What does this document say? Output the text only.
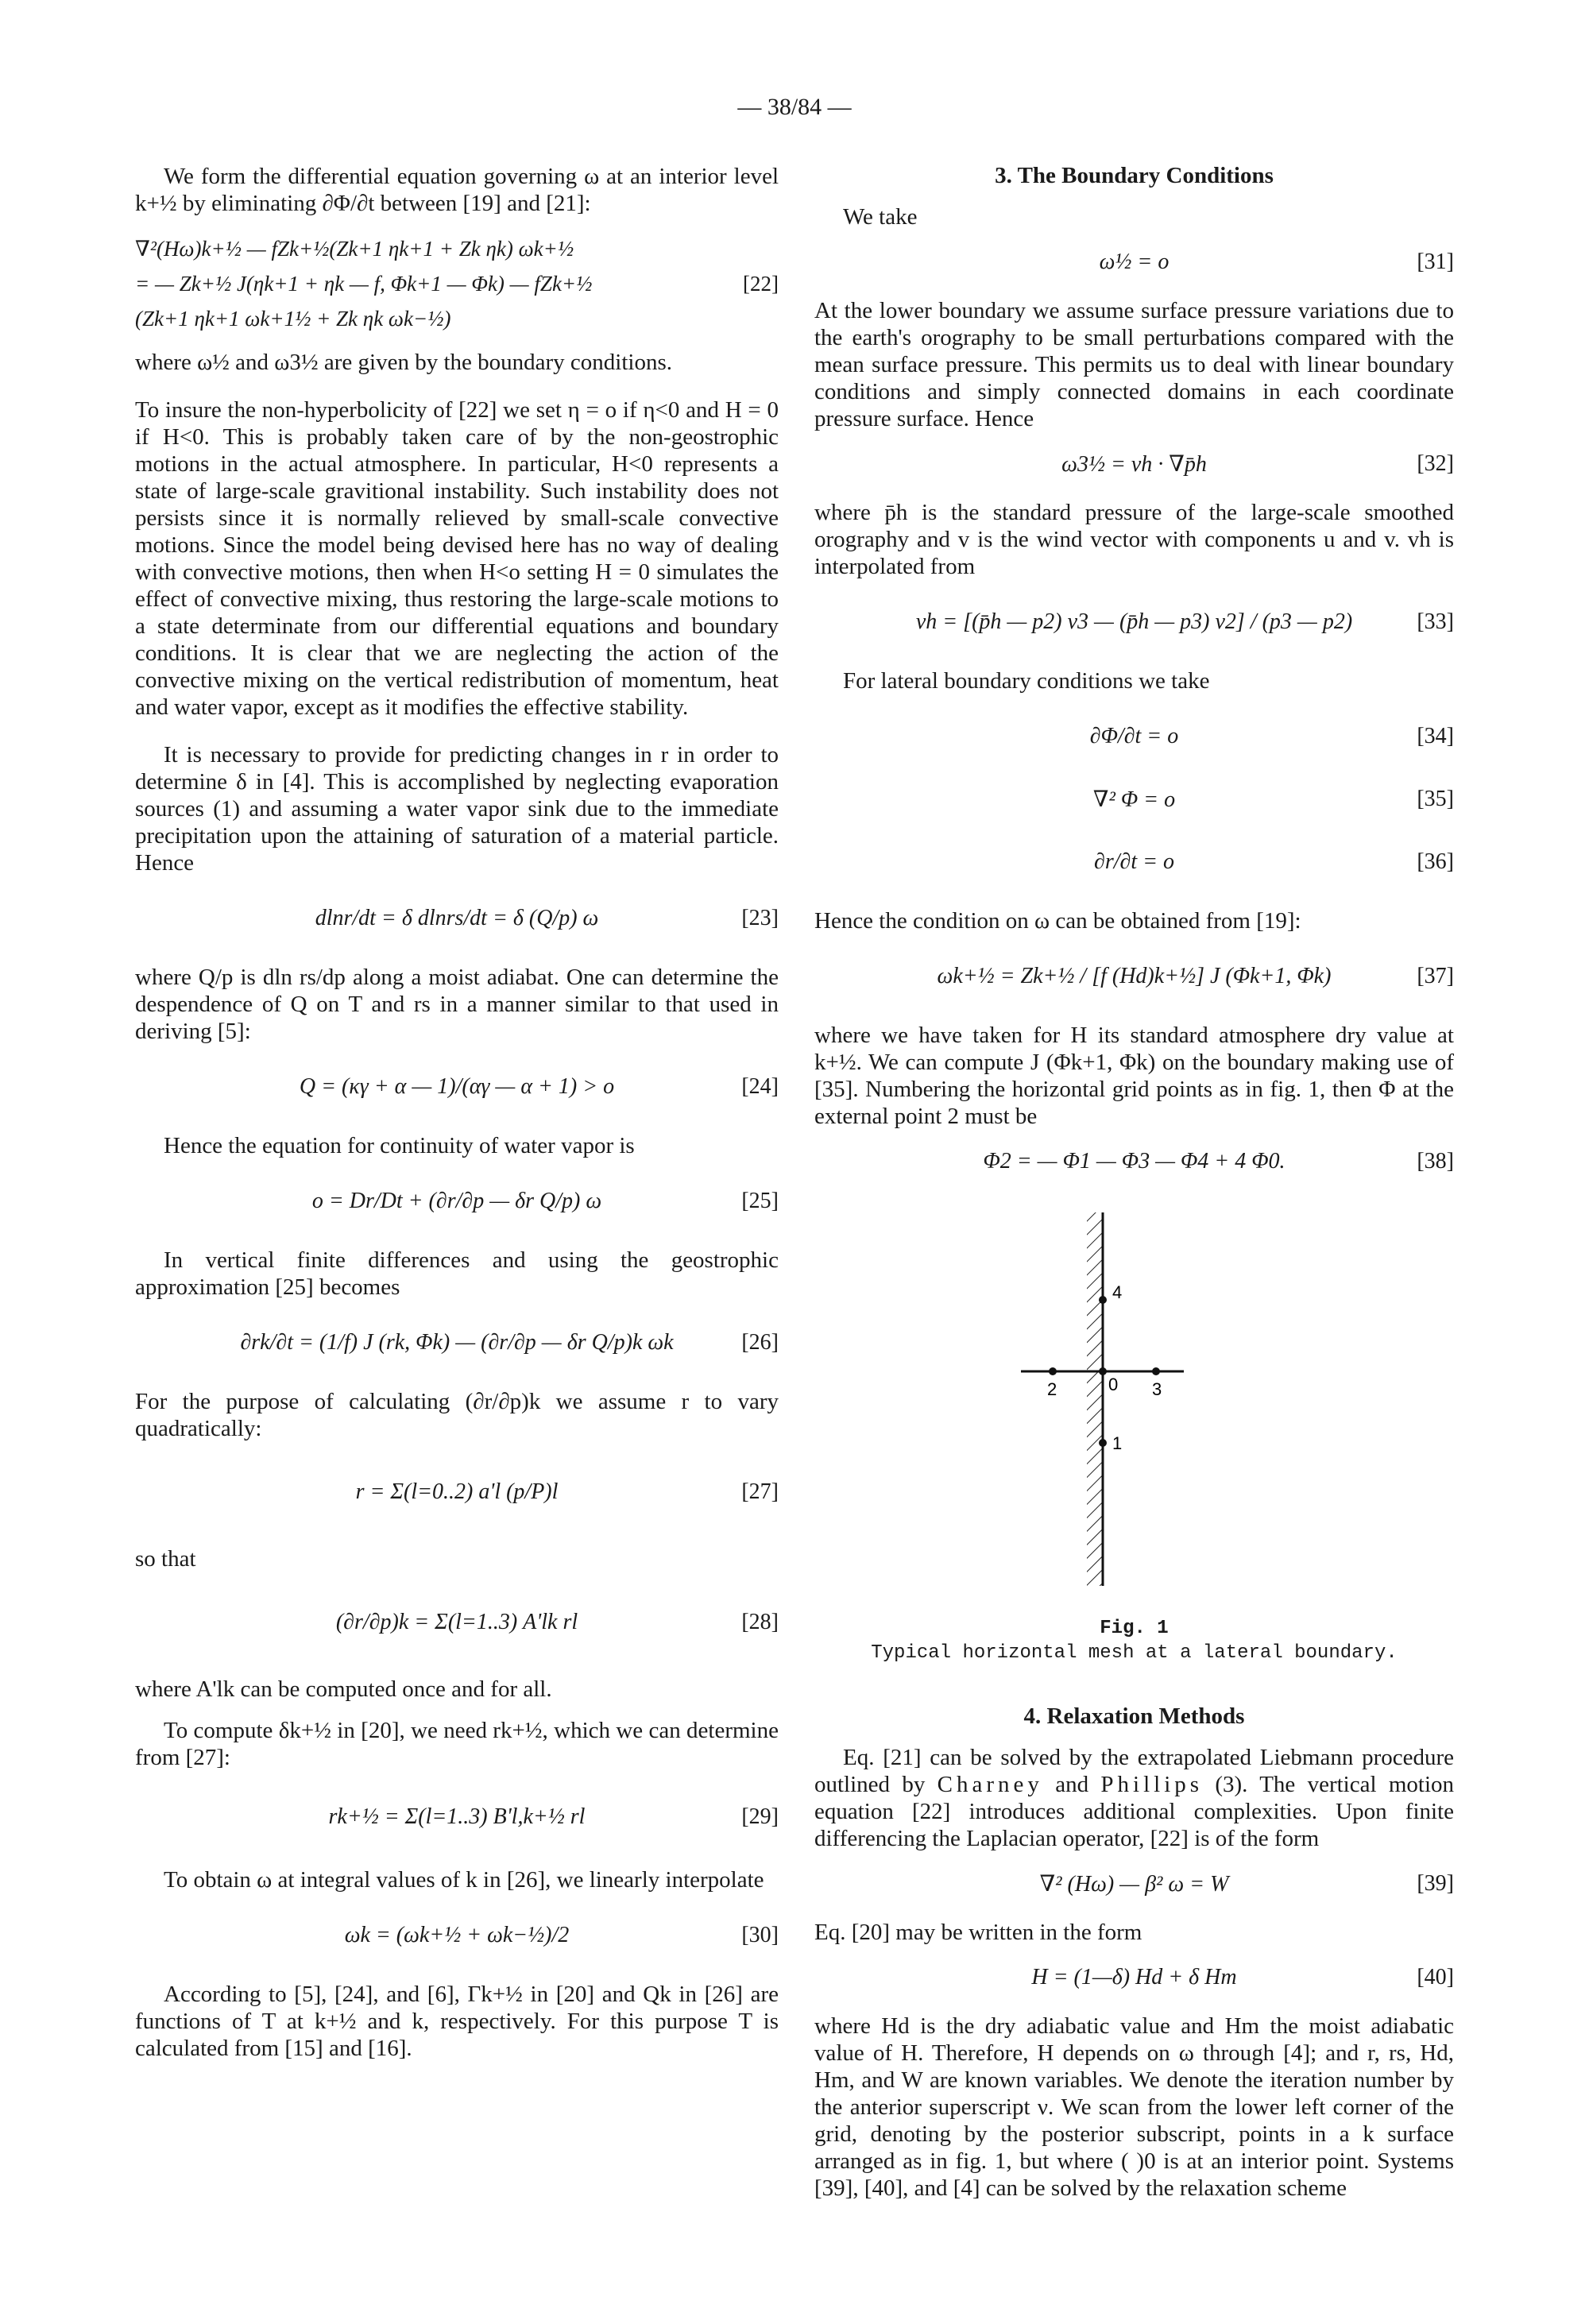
— 38/84 —

We form the differential equation governing ω at an interior level k+½ by eliminating ∂Φ/∂t between [19] and [21]:

∇²(Hω)k+½ — fZk+½(Zk+1 ηk+1 + Zk ηk) ωk+½
= — Zk+½ J(ηk+1 + ηk — f, Φk+1 — Φk) — fZk+½
(Zk+1 ηk+1 ωk+1½ + Zk ηk ωk−½)
[22]

where ω½ and ω3½ are given by the boundary conditions.

To insure the non-hyperbolicity of [22] we set η = o if η<0 and H = 0 if H<0. This is probably taken care of by the non-geostrophic motions in the actual atmosphere. In particular, H<0 represents a state of large-scale gravitional instability. Such instability does not persists since it is normally relieved by small-scale convective motions. Since the model being devised here has no way of dealing with convective motions, then when H<o setting H = 0 simulates the effect of convective mixing, thus restoring the large-scale motions to a state determinate from our differential equations and boundary conditions. It is clear that we are neglecting the action of the convective mixing on the vertical redistribution of momentum, heat and water vapor, except as it modifies the effective stability.

It is necessary to provide for predicting changes in r in order to determine δ in [4]. This is accomplished by neglecting evaporation sources (1) and assuming a water vapor sink due to the immediate precipitation upon the attaining of saturation of a material particle. Hence

dlnr/dt = δ dlnrs/dt = δ (Q/p) ω	[23]

where Q/p is dln rs/dp along a moist adiabat. One can determine the despendence of Q on T and rs in a manner similar to that used in deriving [5]:

Q = (κγ + α — 1)/(αγ — α + 1) > o	[24]

Hence the equation for continuity of water vapor is

o = Dr/Dt + (∂r/∂p — δr Q/p) ω	[25]

In vertical finite differences and using the geostrophic approximation [25] becomes

∂rk/∂t = (1/f) J (rk, Φk) — (∂r/∂p — δr Q/p)k ωk	[26]

For the purpose of calculating (∂r/∂p)k we assume r to vary quadratically:

r = Σ(l=0..2) a'l (p/P)l	[27]

so that

(∂r/∂p)k = Σ(l=1..3) A'lk rl	[28]

where A'lk can be computed once and for all.

To compute δk+½ in [20], we need rk+½, which we can determine from [27]:

rk+½ = Σ(l=1..3) B'l,k+½ rl	[29]

To obtain ω at integral values of k in [26], we linearly interpolate

ωk = (ωk+½ + ωk−½)/2	[30]

According to [5], [24], and [6], Γk+½ in [20] and Qk in [26] are functions of T at k+½ and k, respectively. For this purpose T is calculated from [15] and [16].

3. The Boundary Conditions

We take

ω½ = o	[31]

At the lower boundary we assume surface pressure variations due to the earth's orography to be small perturbations compared with the mean surface pressure. This permits us to deal with linear boundary conditions and simply connected domains in each coordinate pressure surface. Hence

ω3½ = vh · ∇p̄h	[32]

where p̄h is the standard pressure of the large-scale smoothed orography and v is the wind vector with components u and v. vh is interpolated from

vh = [(p̄h — p2) v3 — (p̄h — p3) v2] / (p3 — p2)	[33]

For lateral boundary conditions we take

∂Φ/∂t = o	[34]
∇² Φ = o	[35]
∂r/∂t = o	[36]

Hence the condition on ω can be obtained from [19]:

ωk+½ = Zk+½ / [f (Hd)k+½] J (Φk+1, Φk)	[37]

where we have taken for H its standard atmosphere dry value at k+½. We can compute J (Φk+1, Φk) on the boundary making use of [35]. Numbering the horizontal grid points as in fig. 1, then Φ at the external point 2 must be

Φ2 = — Φ1 — Φ3 — Φ4 + 4 Φ0.	[38]
4
2	0 3
1
Fig. 1
Typical horizontal mesh at a lateral boundary.
4. Relaxation Methods

Eq. [21] can be solved by the extrapolated Liebmann procedure outlined by Charney and Phillips (3). The vertical motion equation [22] introduces additional complexities. Upon finite differencing the Laplacian operator, [22] is of the form

∇² (Hω) — β² ω = W	[39]

Eq. [20] may be written in the form

H = (1—δ) Hd + δ Hm	[40]

where Hd is the dry adiabatic value and Hm the moist adiabatic value of H. Therefore, H depends on ω through [4]; and r, rs, Hd, Hm, and W are known variables. We denote the iteration number by the anterior superscript ν. We scan from the lower left corner of the grid, denoting by the posterior subscript, points in a k surface arranged as in fig. 1, but where ( )0 is at an interior point. Systems [39], [40], and [4] can be solved by the relaxation scheme
